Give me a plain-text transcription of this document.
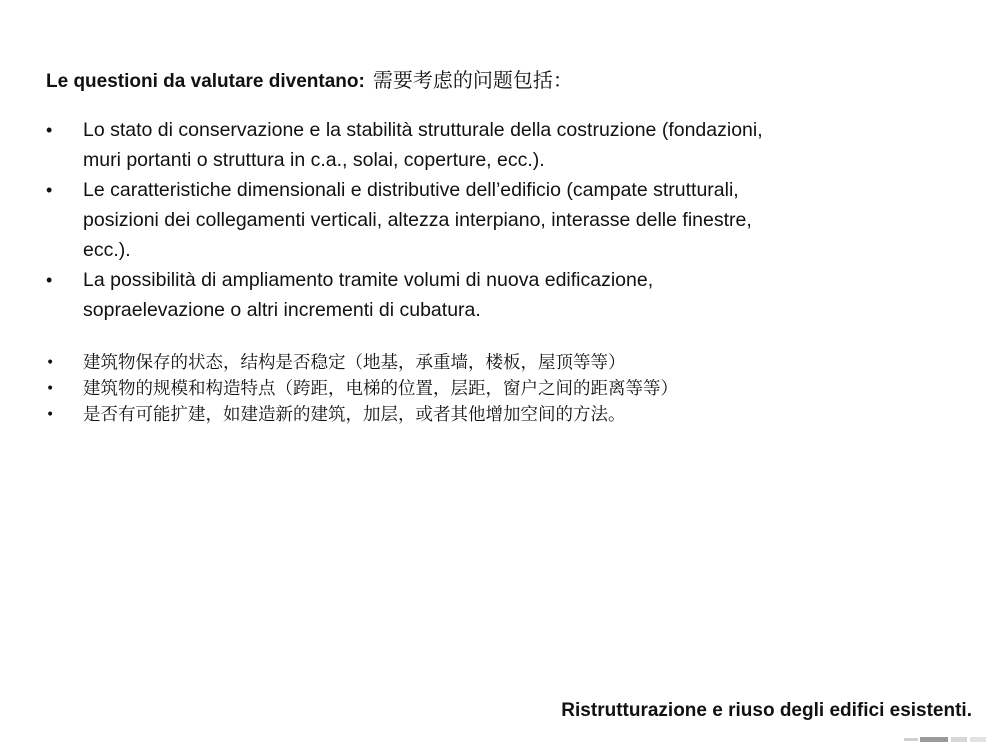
Le questioni da valutare diventano: 需要考虑的问题包括：
•	Lo stato di conservazione e la stabilità strutturale della costruzione (fondazioni, muri portanti o struttura in c.a., solai, coperture, ecc.).
•	Le caratteristiche dimensionali e distributive dell’edificio (campate strutturali, posizioni dei collegamenti verticali, altezza interpiano, interasse delle finestre, ecc.).
•	La possibilità di ampliamento tramite volumi di nuova edificazione, sopraelevazione o altri incrementi di cubatura.
•	建筑物保存的状态，结构是否稳定（地基，承重墙，楼板，屋顶等等）
•	建筑物的规模和构造特点（跨距，电梯的位置，层距，窗户之间的距离等等）
•	是否有可能扩建，如建造新的建筑，加层，或者其他增加空间的方法。
Ristrutturazione e riuso degli edifici esistenti.
